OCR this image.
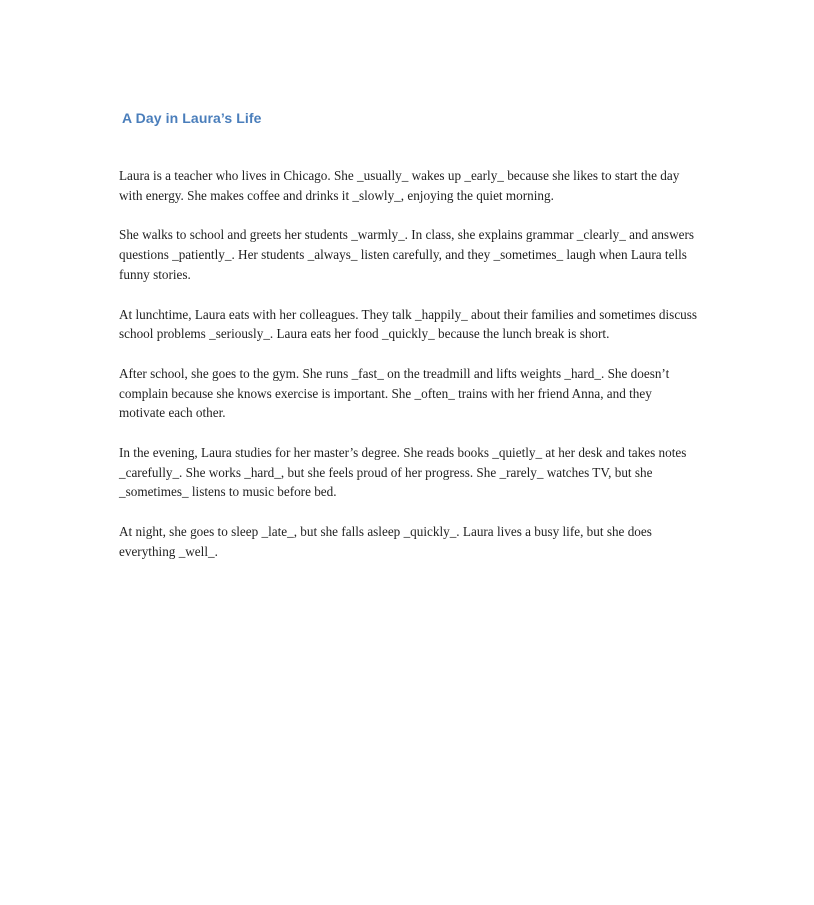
A Day in Laura’s Life

Laura is a teacher who lives in Chicago. She _usually_ wakes up _early_ because she likes to start the day with energy. She makes coffee and drinks it _slowly_, enjoying the quiet morning.

She walks to school and greets her students _warmly_. In class, she explains grammar _clearly_ and answers questions _patiently_. Her students _always_ listen carefully, and they _sometimes_ laugh when Laura tells funny stories.

At lunchtime, Laura eats with her colleagues. They talk _happily_ about their families and sometimes discuss school problems _seriously_. Laura eats her food _quickly_ because the lunch break is short.

After school, she goes to the gym. She runs _fast_ on the treadmill and lifts weights _hard_. She doesn’t complain because she knows exercise is important. She _often_ trains with her friend Anna, and they motivate each other.

In the evening, Laura studies for her master’s degree. She reads books _quietly_ at her desk and takes notes _carefully_. She works _hard_, but she feels proud of her progress. She _rarely_ watches TV, but she _sometimes_ listens to music before bed.

At night, she goes to sleep _late_, but she falls asleep _quickly_. Laura lives a busy life, but she does everything _well_.
